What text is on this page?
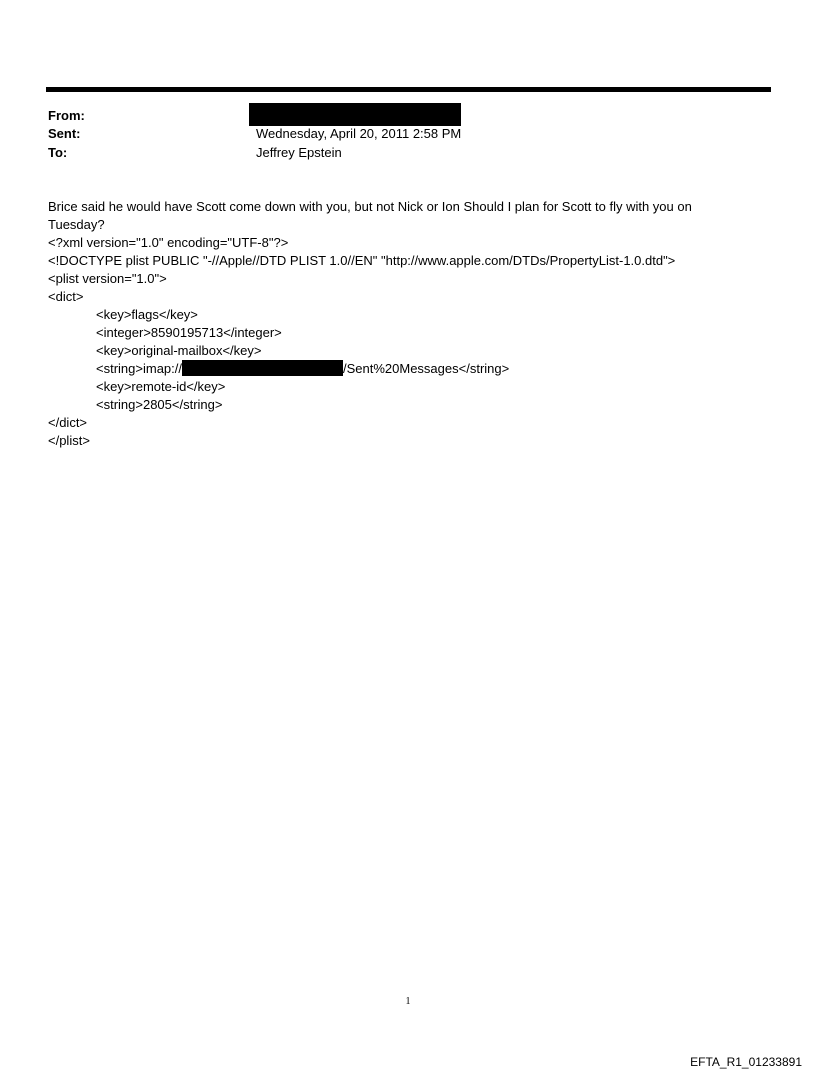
From:
Sent:	Wednesday, April 20, 2011 2:58 PM
To:	Jeffrey Epstein

Brice said he would have Scott come down with you, but not Nick or Ion Should I plan for Scott to fly with you on Tuesday?

<?xml version="1.0" encoding="UTF-8"?>

<!DOCTYPE plist PUBLIC "-//Apple//DTD PLIST 1.0//EN" "http://www.apple.com/DTDs/PropertyList-1.0.dtd">

<plist version="1.0">

<dict>

<key>flags</key>

<integer>8590195713</integer>

<key>original-mailbox</key>

<string>imap://	/Sent%20Messages</string>

<key>remote-id</key>

<string>2805</string>

</dict>

</plist>

1
EFTA_R1_01233891
